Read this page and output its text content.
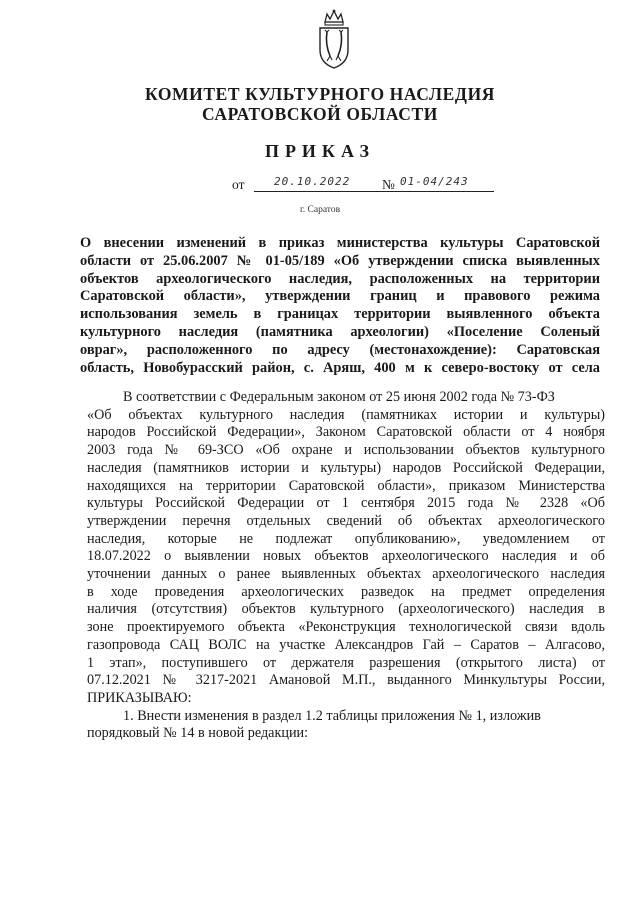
КОМИТЕТ КУЛЬТУРНОГО НАСЛЕДИЯ
САРАТОВСКОЙ ОБЛАСТИ
ПРИКАЗ
от	20.10.2022 № 01-04/243
г. Саратов
О внесении изменений в приказ министерства культуры Саратовской
области от 25.06.2007 № 01-05/189 «Об утверждении списка выявленных
объектов археологического наследия, расположенных на территории
Саратовской области», утверждении границ и правового режима
использования земель в границах территории выявленного объекта
культурного наследия (памятника археологии) «Поселение Соленый
овраг», расположенного по адресу (местонахождение): Саратовская
область, Новобурасский район, с. Аряш, 400 м к северо-востоку от села
В соответствии с Федеральным законом от 25 июня 2002 года № 73-ФЗ
«Об объектах культурного наследия (памятниках истории и культуры)
народов Российской Федерации», Законом Саратовской области от 4 ноября
2003 года № 69-ЗСО «Об охране и использовании объектов культурного
наследия (памятников истории и культуры) народов Российской Федерации,
находящихся на территории Саратовской области», приказом Министерства
культуры Российской Федерации от 1 сентября 2015 года № 2328 «Об
утверждении перечня отдельных сведений об объектах археологического
наследия, которые не подлежат опубликованию», уведомлением от
18.07.2022 о выявлении новых объектов археологического наследия и об
уточнении данных о ранее выявленных объектах археологического наследия
в ходе проведения археологических разведок на предмет определения
наличия (отсутствия) объектов культурного (археологического) наследия в
зоне проектируемого объекта «Реконструкция технологической связи вдоль
газопровода САЦ ВОЛС на участке Александров Гай – Саратов – Алгасово,
1 этап», поступившего от держателя разрешения (открытого листа) от
07.12.2021 № 3217-2021 Амановой М.П., выданного Минкультуры России,
ПРИКАЗЫВАЮ:
1. Внести изменения в раздел 1.2 таблицы приложения № 1, изложив
порядковый № 14 в новой редакции:
